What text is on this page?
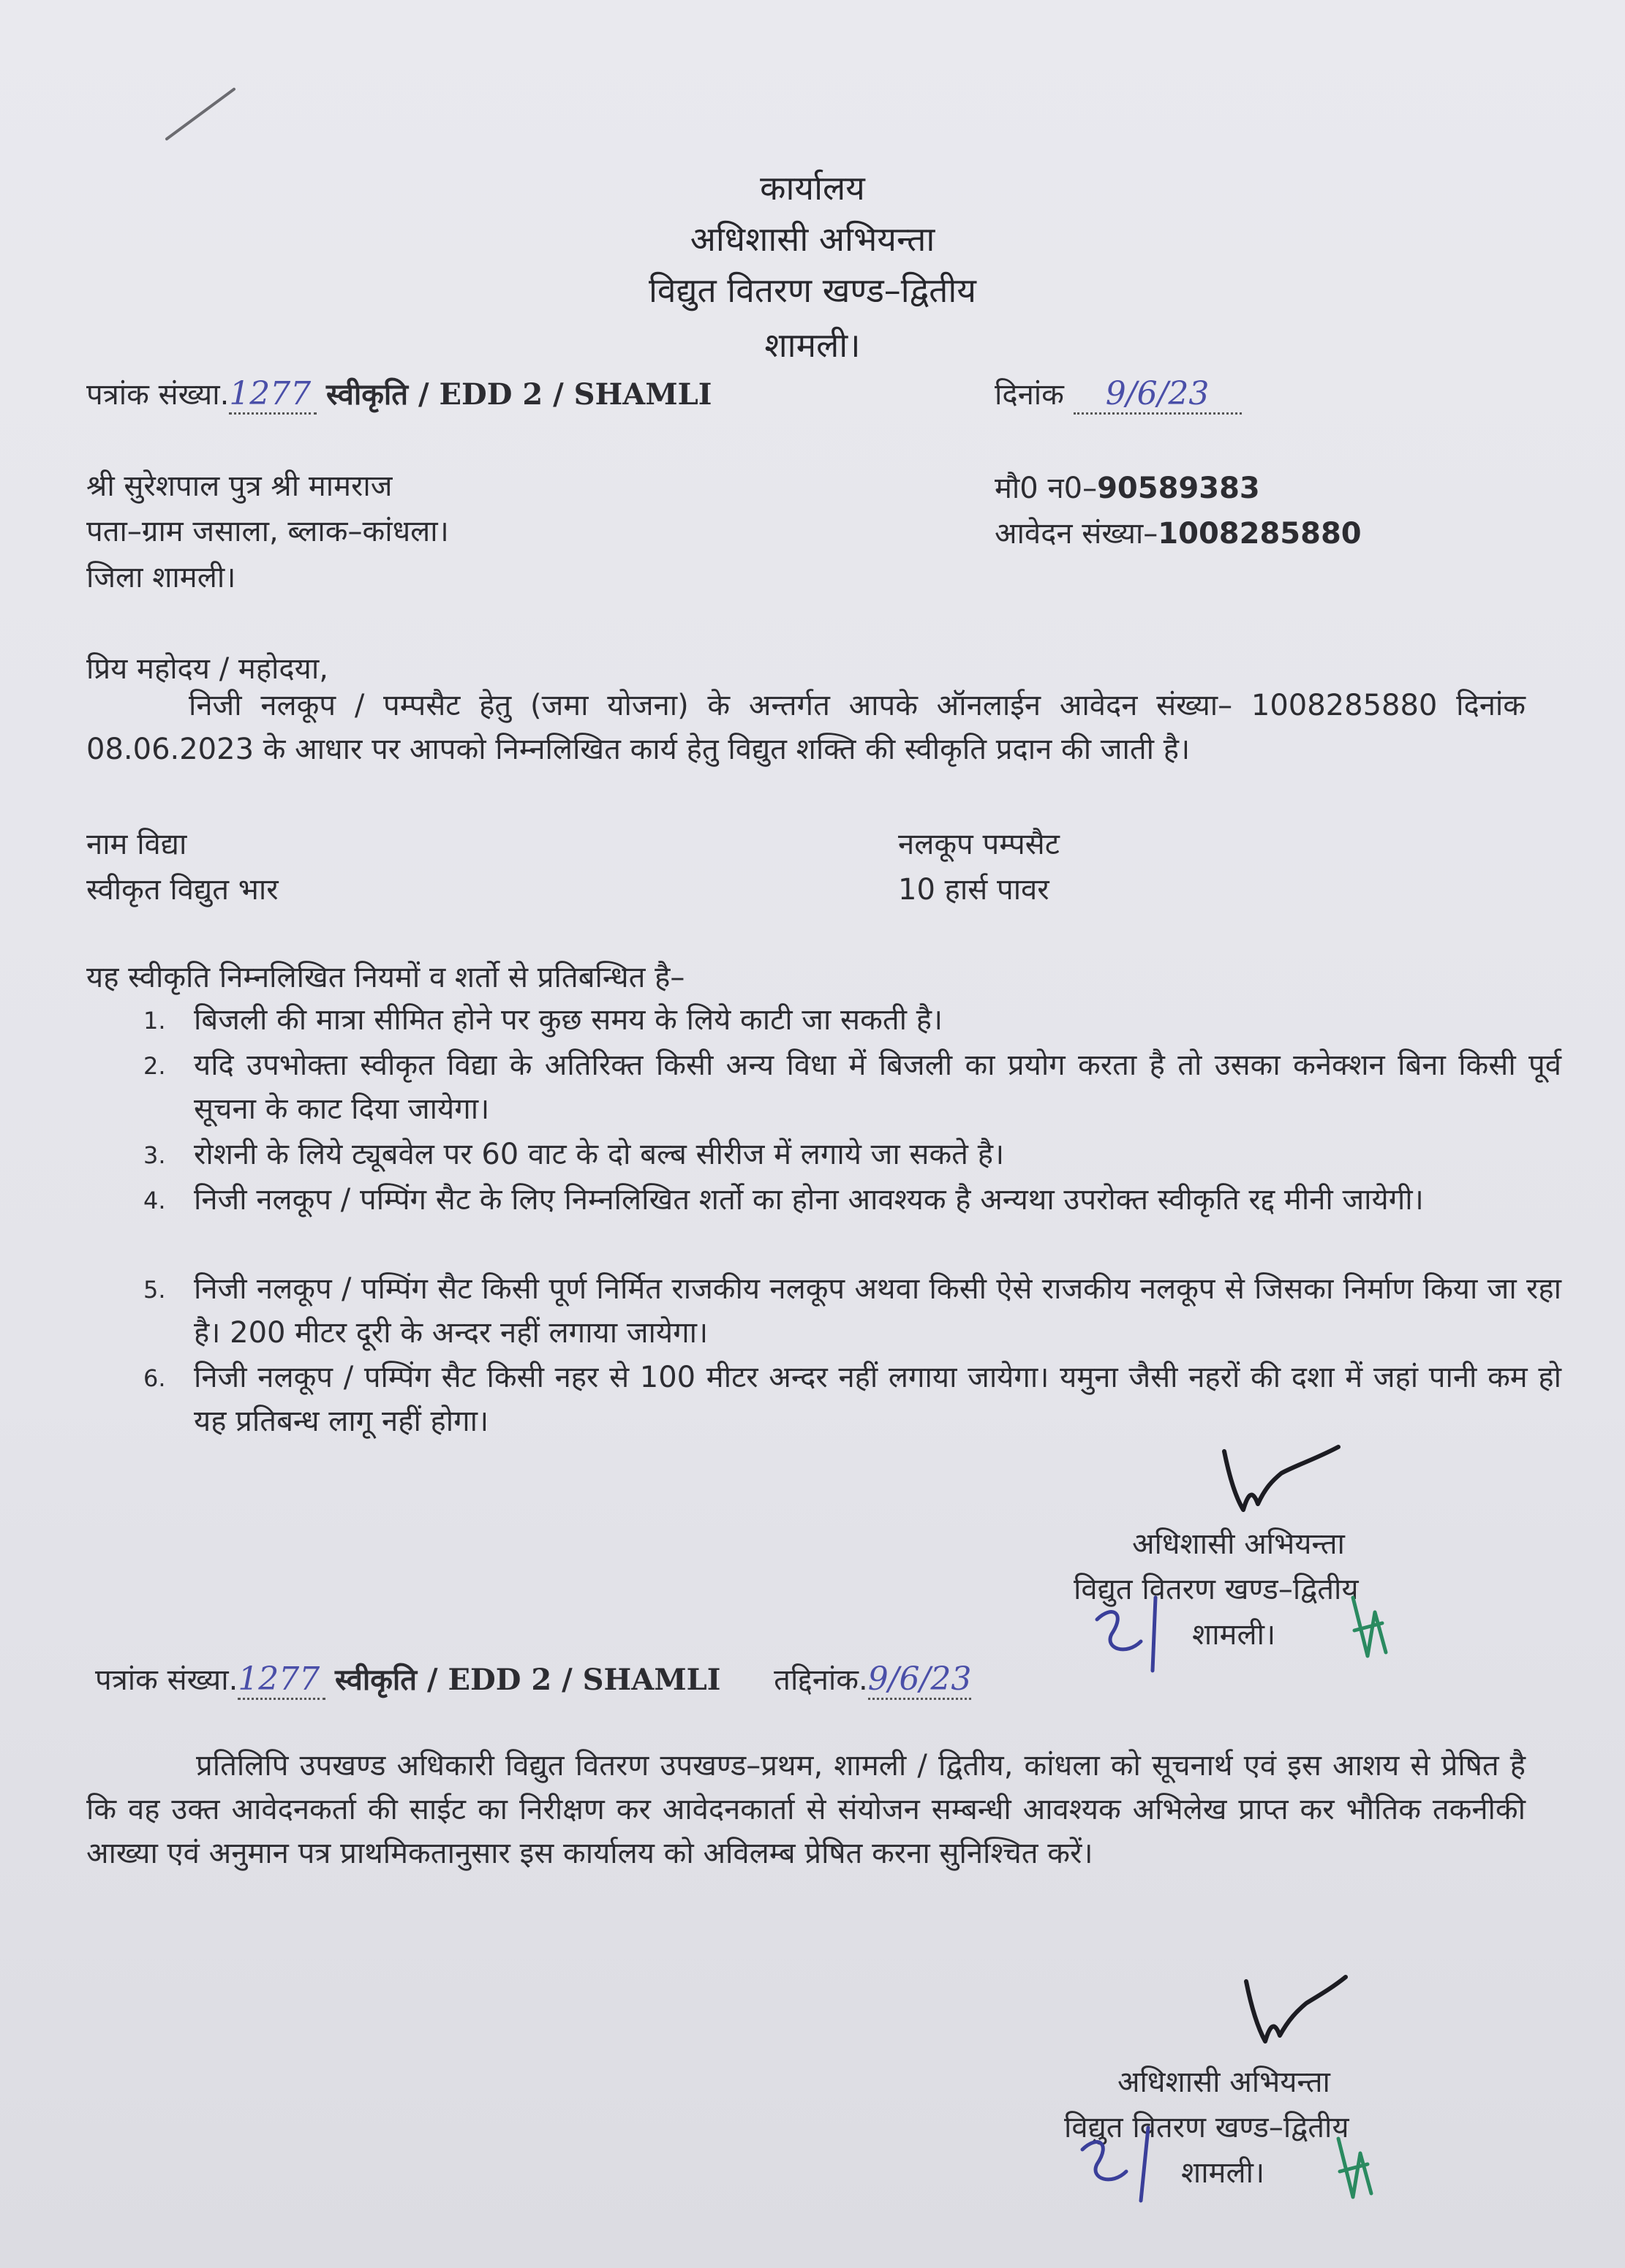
कार्यालय
अधिशासी अभियन्ता
विद्युत वितरण खण्ड–द्वितीय
शामली।
पत्रांक संख्या.1277 स्वीकृति / EDD 2 / SHAMLI	दिनांक 9/6/23
श्री सुरेशपाल पुत्र श्री मामराज
पता–ग्राम जसाला, ब्लाक–कांधला।
जिला शामली।
मौ0 न0–90589383
आवेदन संख्या–1008285880
प्रिय महोदय / महोदया,
निजी नलकूप / पम्पसैट हेतु (जमा योजना) के अन्तर्गत आपके ऑनलाईन आवेदन संख्या– 1008285880 दिनांक 08.06.2023 के आधार पर आपको निम्नलिखित कार्य हेतु विद्युत शक्ति की स्वीकृति प्रदान की जाती है।
नाम विद्या	नलकूप पम्पसैट
स्वीकृत विद्युत भार	10 हार्स पावर
यह स्वीकृति निम्नलिखित नियमों व शर्तो से प्रतिबन्धित है–
1. बिजली की मात्रा सीमित होने पर कुछ समय के लिये काटी जा सकती है।
2. यदि उपभोक्ता स्वीकृत विद्या के अतिरिक्त किसी अन्य विधा में बिजली का प्रयोग करता है तो उसका कनेक्शन बिना किसी पूर्व सूचना के काट दिया जायेगा।
3. रोशनी के लिये ट्यूबवेल पर 60 वाट के दो बल्ब सीरीज में लगाये जा सकते है।
4. निजी नलकूप / पम्पिंग सैट के लिए निम्नलिखित शर्तो का होना आवश्यक है अन्यथा उपरोक्त स्वीकृति रद्द मीनी जायेगी।
5. निजी नलकूप / पम्पिंग सैट किसी पूर्ण निर्मित राजकीय नलकूप अथवा किसी ऐसे राजकीय नलकूप से जिसका निर्माण किया जा रहा है। 200 मीटर दूरी के अन्दर नहीं लगाया जायेगा।
6. निजी नलकूप / पम्पिंग सैट किसी नहर से 100 मीटर अन्दर नहीं लगाया जायेगा। यमुना जैसी नहरों की दशा में जहां पानी कम हो यह प्रतिबन्ध लागू नहीं होगा।
अधिशासी अभियन्ता
विद्युत वितरण खण्ड–द्वितीय
शामली।
पत्रांक संख्या.1277 स्वीकृति / EDD 2 / SHAMLI तद्दिनांक.9/6/23
प्रतिलिपि उपखण्ड अधिकारी विद्युत वितरण उपखण्ड–प्रथम, शामली / द्वितीय, कांधला को सूचनार्थ एवं इस आशय से प्रेषित है कि वह उक्त आवेदनकर्ता की साईट का निरीक्षण कर आवेदनकार्ता से संयोजन सम्बन्धी आवश्यक अभिलेख प्राप्त कर भौतिक तकनीकी आख्या एवं अनुमान पत्र प्राथमिकतानुसार इस कार्यालय को अविलम्ब प्रेषित करना सुनिश्चित करें।
अधिशासी अभियन्ता
विद्युत वितरण खण्ड–द्वितीय
शामली।
